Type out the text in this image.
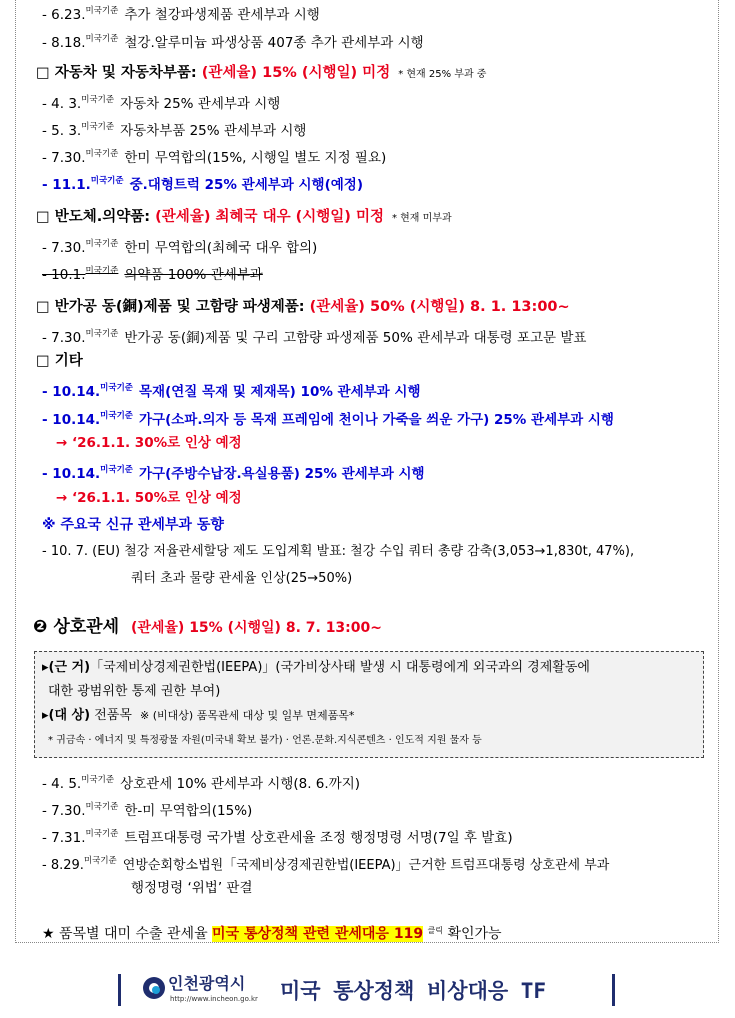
- 6.23.$^{미국기준}$ 추가 철강파생제품 관세부과 시행
- 8.18.$^{미국기준}$ 철강.알루미늄 파생상품 407종 추가 관세부과 시행
□ 자동차 및 자동차부품: (관세율) 15% (시행일) 미정 * 현재 25% 부과 중
- 4. 3.$^{미국기준}$ 자동차 25% 관세부과 시행
- 5. 3.$^{미국기준}$ 자동차부품 25% 관세부과 시행
- 7.30.$^{미국기준}$ 한미 무역합의(15%, 시행일 별도 지정 필요)
- 11.1.$^{미국기준}$ 중.대형트럭 25% 관세부과 시행(예정)
□ 반도체.의약품: (관세율) 최혜국 대우 (시행일) 미정 * 현재 미부과
- 7.30.$^{미국기준}$ 한미 무역합의(최혜국 대우 합의)
- 10.1.$^{미국기준}$ 의약품 100% 관세부과
□ 반가공 동(銅)제품 및 고함량 파생제품: (관세율) 50% (시행일) 8. 1. 13:00~
- 7.30.$^{미국기준}$ 반가공 동(銅)제품 및 구리 고함량 파생제품 50% 관세부과 대통령 포고문 발표
□ 기타
- 10.14.$^{미국기준}$ 목재(연질 목재 및 제재목) 10% 관세부과 시행
- 10.14.$^{미국기준}$ 가구(소파.의자 등 목재 프레임에 천이나 가죽을 씌운 가구) 25% 관세부과 시행
→ ‘26.1.1. 30%로 인상 예정
- 10.14.$^{미국기준}$ 가구(주방수납장.욕실용품) 25% 관세부과 시행
→ ‘26.1.1. 50%로 인상 예정
※ 주요국 신규 관세부과 동향
- 10. 7. (EU) 철강 저율관세할당 제도 도입계획 발표: 철강 수입 쿼터 총량 감축(3,053→1,830t, 47%),
쿼터 초과 물량 관세율 인상(25→50%)
❷ 상호관세 (관세율) 15% (시행일) 8. 7. 13:00~
▸(근 거)「국제비상경제권한법(IEEPA)」(국가비상사태 발생 시 대통령에게 외국과의 경제활동에
대한 광범위한 통제 권한 부여)
▸(대 상) 전품목 ※ (비대상) 품목관세 대상 및 일부 면제품목*
* 귀금속 · 에너지 및 특정광물 자원(미국내 확보 불가) · 언론.문화.지식콘텐츠 · 인도적 지원 물자 등
- 4. 5.$^{미국기준}$ 상호관세 10% 관세부과 시행(8. 6.까지)
- 7.30.$^{미국기준}$ 한-미 무역합의(15%)
- 7.31.$^{미국기준}$ 트럼프대통령 국가별 상호관세율 조정 행정명령 서명(7일 후 발효)
- 8.29.$^{미국기준}$ 연방순회항소법원「국제비상경제권한법(IEEPA)」근거한 트럼프대통령 상호관세 부과
행정명령 ‘위법’ 판결
★ 품목별 대미 수출 관세율 미국 통상정책 관련 관세대응 119 $^{클릭}$ 확인가능
인천광역시
http://www.incheon.go.kr 미국 통상정책 비상대응 TF
